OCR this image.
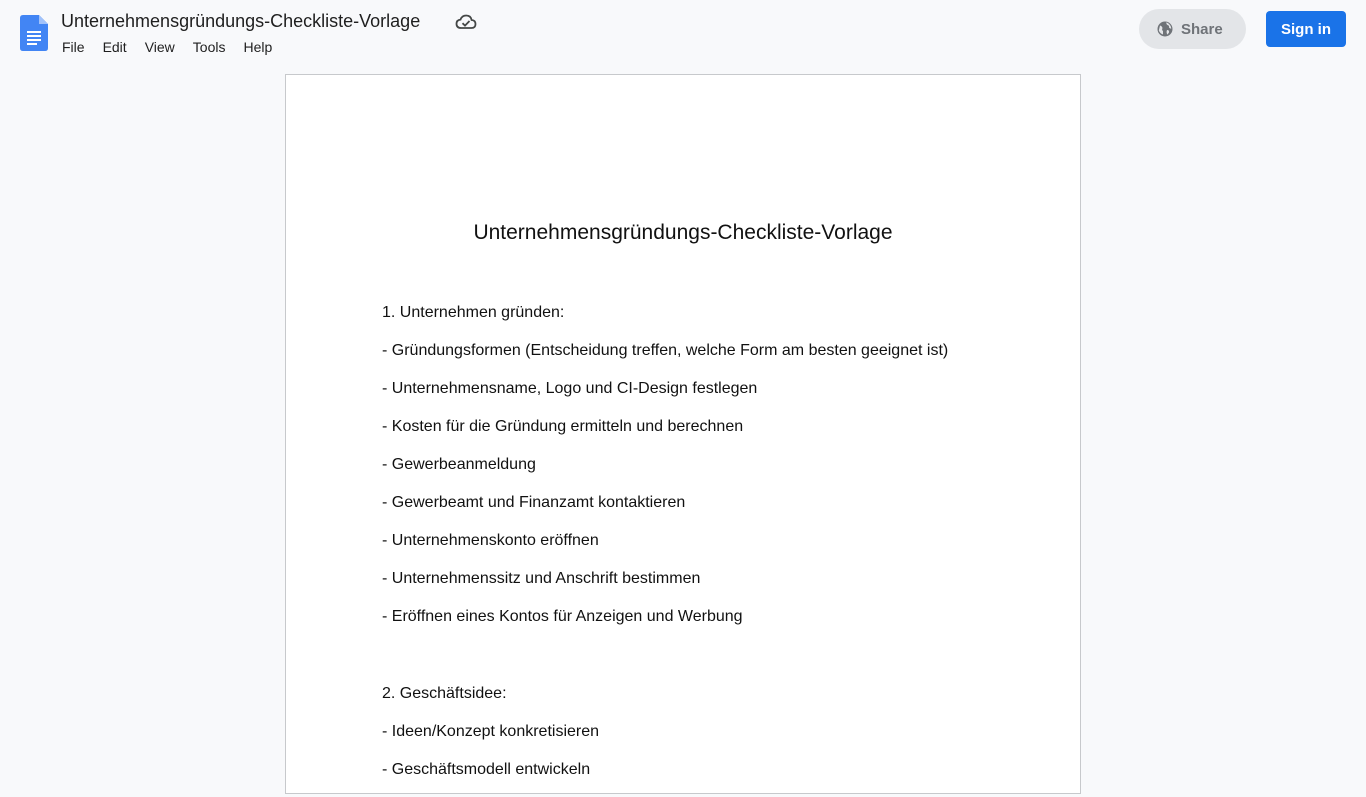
Unternehmensgründungs-Checkliste-Vorlage
File	Edit	View	Tools	Help
Share	Sign in
Unternehmensgründungs-Checkliste-Vorlage
1. Unternehmen gründen:
- Gründungsformen (Entscheidung treffen, welche Form am besten geeignet ist)
- Unternehmensname, Logo und CI-Design festlegen
- Kosten für die Gründung ermitteln und berechnen
- Gewerbeanmeldung
- Gewerbeamt und Finanzamt kontaktieren
- Unternehmenskonto eröffnen
- Unternehmenssitz und Anschrift bestimmen
- Eröffnen eines Kontos für Anzeigen und Werbung
2. Geschäftsidee:
- Ideen/Konzept konkretisieren
- Geschäftsmodell entwickeln
